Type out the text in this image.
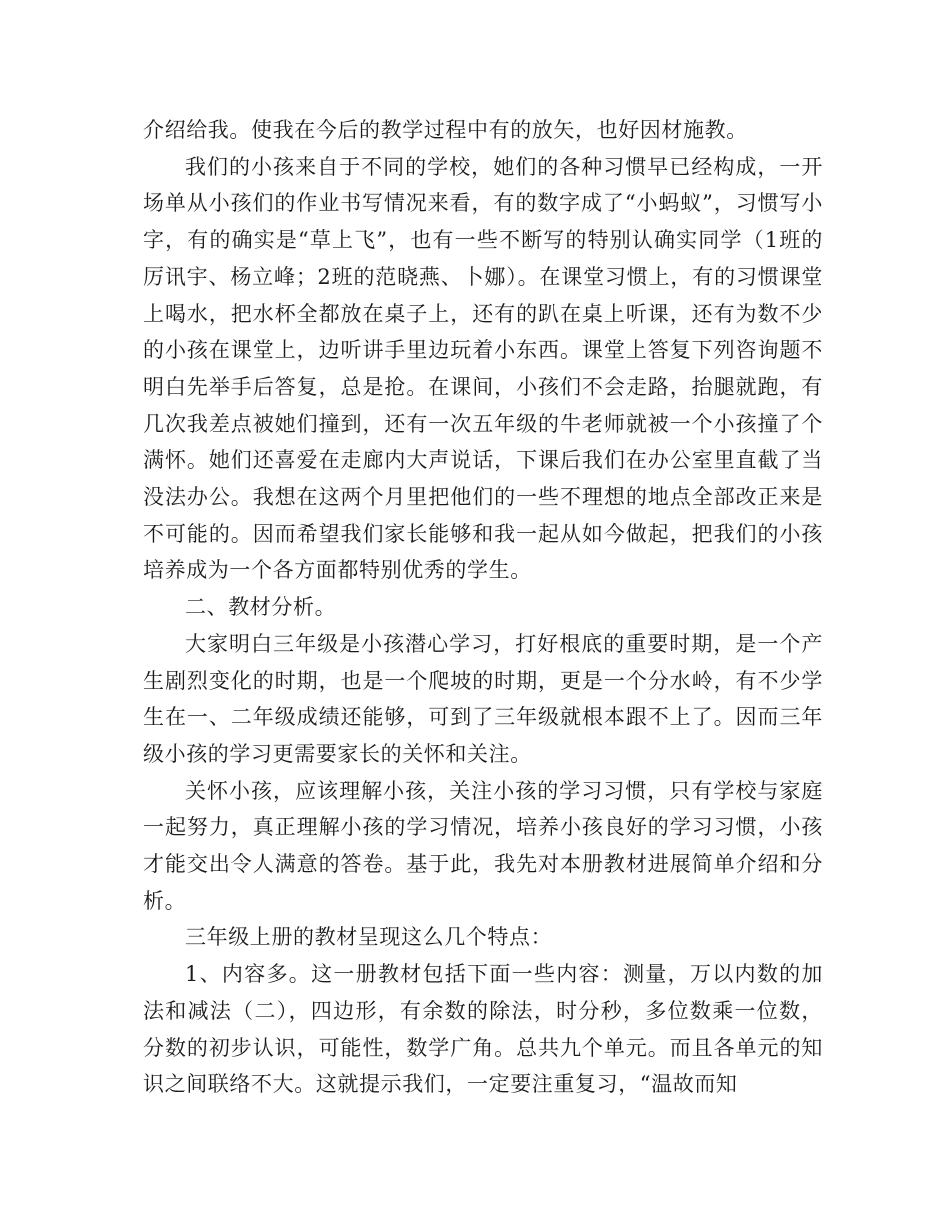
介绍给我。使我在今后的教学过程中有的放矢，也好因材施教。

我们的小孩来自于不同的学校，她们的各种习惯早已经构成，一开场单从小孩们的作业书写情况来看，有的数字成了“小蚂蚁”，习惯写小字，有的确实是“草上飞”，也有一些不断写的特别认确实同学（1班的厉讯宇、杨立峰；2班的范晓燕、卜娜）。在课堂习惯上，有的习惯课堂上喝水，把水杯全都放在桌子上，还有的趴在桌上听课，还有为数不少的小孩在课堂上，边听讲手里边玩着小东西。课堂上答复下列咨询题不明白先举手后答复，总是抢。在课间，小孩们不会走路，抬腿就跑，有几次我差点被她们撞到，还有一次五年级的牛老师就被一个小孩撞了个满怀。她们还喜爱在走廊内大声说话，下课后我们在办公室里直截了当没法办公。我想在这两个月里把他们的一些不理想的地点全部改正来是不可能的。因而希望我们家长能够和我一起从如今做起，把我们的小孩培养成为一个各方面都特别优秀的学生。

二、教材分析。

大家明白三年级是小孩潜心学习，打好根底的重要时期，是一个产生剧烈变化的时期，也是一个爬坡的时期，更是一个分水岭，有不少学生在一、二年级成绩还能够，可到了三年级就根本跟不上了。因而三年级小孩的学习更需要家长的关怀和关注。

关怀小孩，应该理解小孩，关注小孩的学习习惯，只有学校与家庭一起努力，真正理解小孩的学习情况，培养小孩良好的学习习惯，小孩才能交出令人满意的答卷。基于此，我先对本册教材进展简单介绍和分析。

三年级上册的教材呈现这么几个特点：

1、内容多。这一册教材包括下面一些内容：测量，万以内数的加法和减法（二），四边形，有余数的除法，时分秒，多位数乘一位数，分数的初步认识，可能性，数学广角。总共九个单元。而且各单元的知识之间联络不大。这就提示我们，一定要注重复习，“温故而知
